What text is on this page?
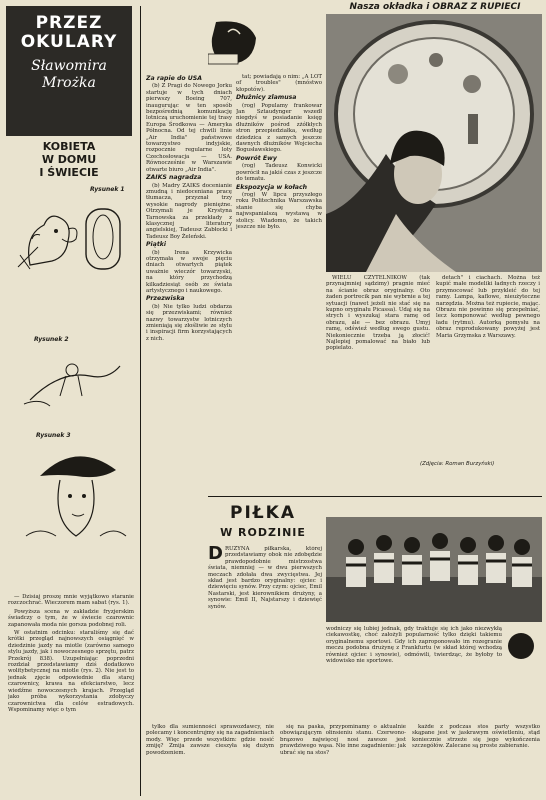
PRZEZ
OKULARY
Sławomira
Mrożka
KOBIETA
W DOMU
I ŚWIECIE
Rysunek 1
Rysunek 2
Rysunek 3

— Dzisiaj proszę mnie wyjątkowo staranie rozczochrać. Wieczorem mam sabat (rys. 1).

Powyższa scena w zakładzie fryzjerskim świadczy o tym, że w świecie czarownic zapanowała moda nie gorsza podobnej roli.

W ostatnim odcinku: staraliśmy się dać krótki przegląd najnowszych osiągnięć w dziedzinie jazdy na miotle (zarówno samego stylu jazdy, jak i nowoczesnego sprzętu, patrz Przekrój 838). Uzupełniając poprzedni rozdział przedstawiamy dziś dodatkowo wolitybetycznej na miotle (rys. 2). Nie jest to jednak zjęcie odpowiednie dla starej czarownicy, krawa na efekciarstwo, lecz wiedźme nowoczesnych krajach. Przegląd jako próba wykorzystania zdobyczy czarownictwa dla celów estradowych. Wspominamy więc o tym

Za rapie do USA

(b) Z Pragi do Nowego Jorku startuje w tych dniach pierwszy Boeing 707, inaugurując w ten sposób bezpośrednią komunikację lotniczą uruchomienie tej trasy Europa Środkowa — Ameryka Północna. Od tej chwili linie „Air India" państwowe towarzystwo indyjskie, rozpocznie regularne loty Czechosłowacja — USA. Równocześnie w Warszawie otwarte biuro „Air India".

ZAIKS nagradza

(b) Madry ZAIKS docenianie zmudną i niedoceniana pracę tłumacza, przyznał trzy wysokie nagrody pieniężne. Otrzymali je Krystyna Tarnowska za przekłady z klasycznej literatury angielskiej, Tadeusz Zabłocki i Tadeusz Boy Żeleński.

Piątki

(b) Irena Krzywicka otrzymała w swoje pięciu dniach otwartych piątek uważnie wieczór towarzyski, na który przychodzą kilkadziesiąt osób ze świata artystycznego i naukowego.

Przezwiska

(b) Nie tylko ludzi obdarza się przezwiskami; również nazwy towarzystw lotniczych zmieniają się złośliwie ze stylu i inspiracji firm korzystających z nich.

tat; powiadają o nim: „A LOT of troubles" (mnóstwo kłopotów).

Dłużnicy zlamusa

(rog) Populamy frankowar Jan Sztaudynger wszedł niegdyś w posiadanie księg dłużników pośrod zżółkłych stron przepiedziałka, według dziedzica z samych jeszcze dawnych dłużników Wojciecha Bogusławskiego.

Powrót Ewy

(rog) Tadeusz Konwicki powrócił na jakiś czas z jeszcze do tematu.

Ekspozycja w kołach

(rog) W lipcu przyszłego roku Politechnika Warszawska stanie się chyba najwspanialszą wystawą w stolicy. Wiadomo, że takich jeszcze nie było.

Nasza okładka i OBRAZ Z RUPIECI

WIELU CZYTELNIKÓW (tak przynajmniej sądzimy) pragnie mieć na ścianie obraz oryginalny. Oto żaden portrecik pan nie wybrnie a tej sytuacji (nawet jeżeli nie stać się na kupno oryginału Picassa). Udaj się na strych i wyszukaj stara ramę od obrazu, ale — bez obrazu. Umyj ramę, odświeź według swego gustu. Niekoniecznie trzeba ją złocić! Najlepiej pomalować na biało lub popielato.

detach" i ciachach. Można też kupić małe modeliki ładnych rzeczy i przymocować lub przykleić do tej ramy. Lampa, kaflowe, nieużyteczne narzędzia. Można też rupiecie, mając. Obrazu nie powinno się przepełniać, lecz komponować według pewnego ładu (rytmu). Autorką pomysłu na obraz reprodukowany powyżej jest Maria Grzymska z Warszawy.

(Zdjęcia: Roman Burzyński)
PIŁKA
W RODZINIE
D RUŻYNA piłkarska, której przedstawiamy obok nie zdobędzie prawdopodobnie mistrzostwa świata, niemniej — w dwu pierwszych meczach zdołała dwa zwycięstwa. Jej skład jest bardzo oryginalny: ojciec i dziewięciu synów. Przy czym: ojciec, Emil Nastarski, jest kierownikiem drużyny, a synowie: Emil II, Najstarszy i dziewięć synów.
wodniczy się lubiej jednak, gdy traktuje się ich jako niezwykłą ciekawostkę, choć założyli popularność tylko dzięki takiemu oryginalnemu sportowi. Gdy ich zaproponowało im rozegranie meczu podobna drużynę z Frankfurtu (w skład której wchodzą również ojciec i synowie), odmówili, twierdząc, że byłoby to widowisko nie sportowe.

tylko dla sumienności sprawozdawcy, nie polecamy i koncentrujmy się na zagadnieniach mody. Więc przede wszystkim: gdzie nosić zmiję? Zmija zawsze cieszyła się dużym powodzeniem.

się na paska, przypominamy o aktualnie obowiązującym ołinsieniu stanu. Czerwono-brązowo najwięcej nosi zawsze jest prawdziwego wąsa. Nie inne zagadnienie: jak ubrać się na stos?

każde z podczas stos party wszystko skąpane jest w jaskrawym oświetleniu, stąd koniecznie strzeże się jego wykończenia szczegółów. Zalecane są proste zabieranie.
